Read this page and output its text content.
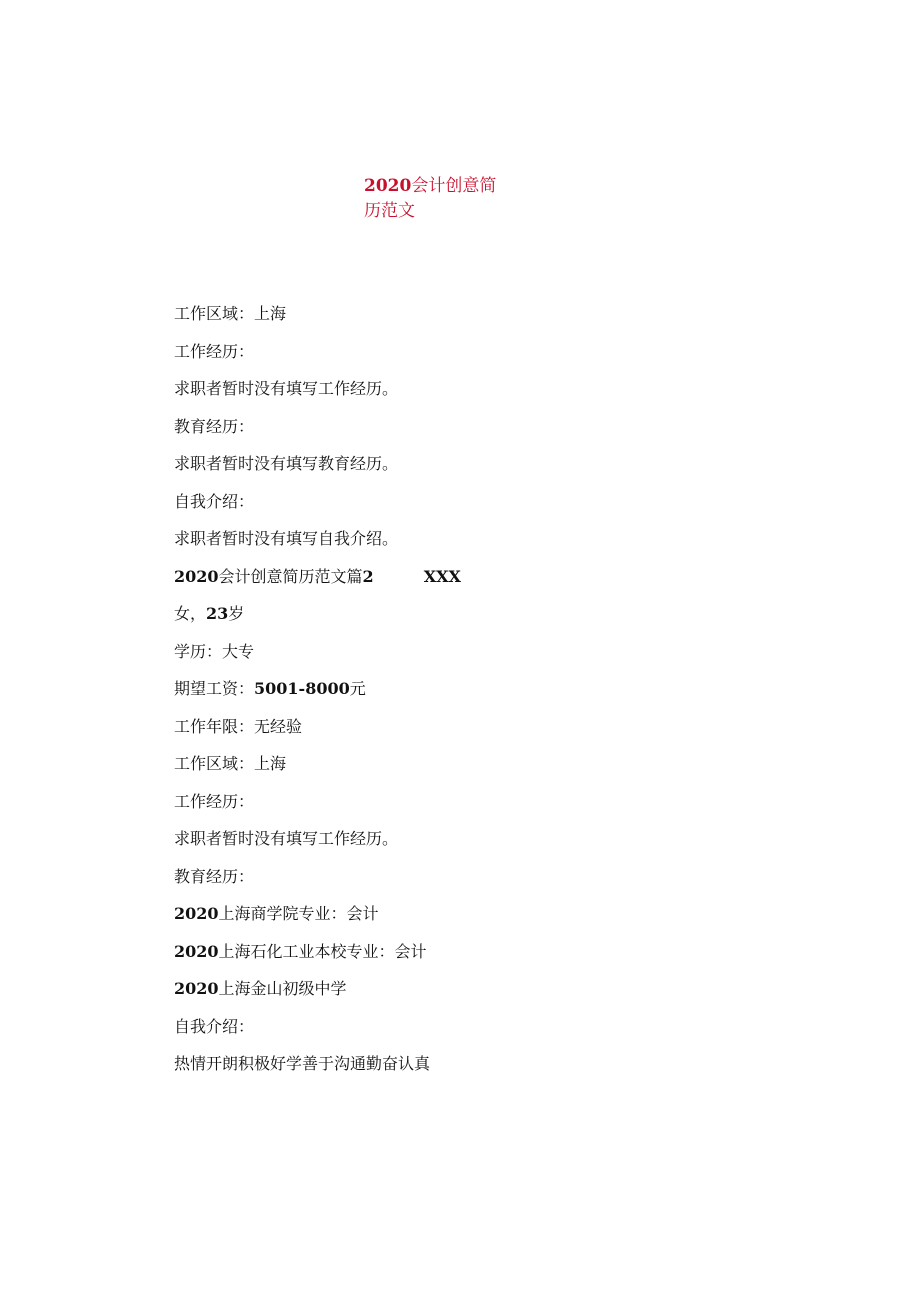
2020会计创意简
历范文
工作区域：上海
工作经历：
求职者暂时没有填写工作经历。
教育经历：
求职者暂时没有填写教育经历。
自我介绍：
求职者暂时没有填写自我介绍。
2020会计创意简历范文篇2	XXX
女，23岁
学历：大专
期望工资：5001-8000元
工作年限：无经验
工作区域：上海
工作经历：
求职者暂时没有填写工作经历。
教育经历：
2020上海商学院专业：会计
2020上海石化工业本校专业：会计
2020上海金山初级中学
自我介绍：
热情开朗积极好学善于沟通勤奋认真
